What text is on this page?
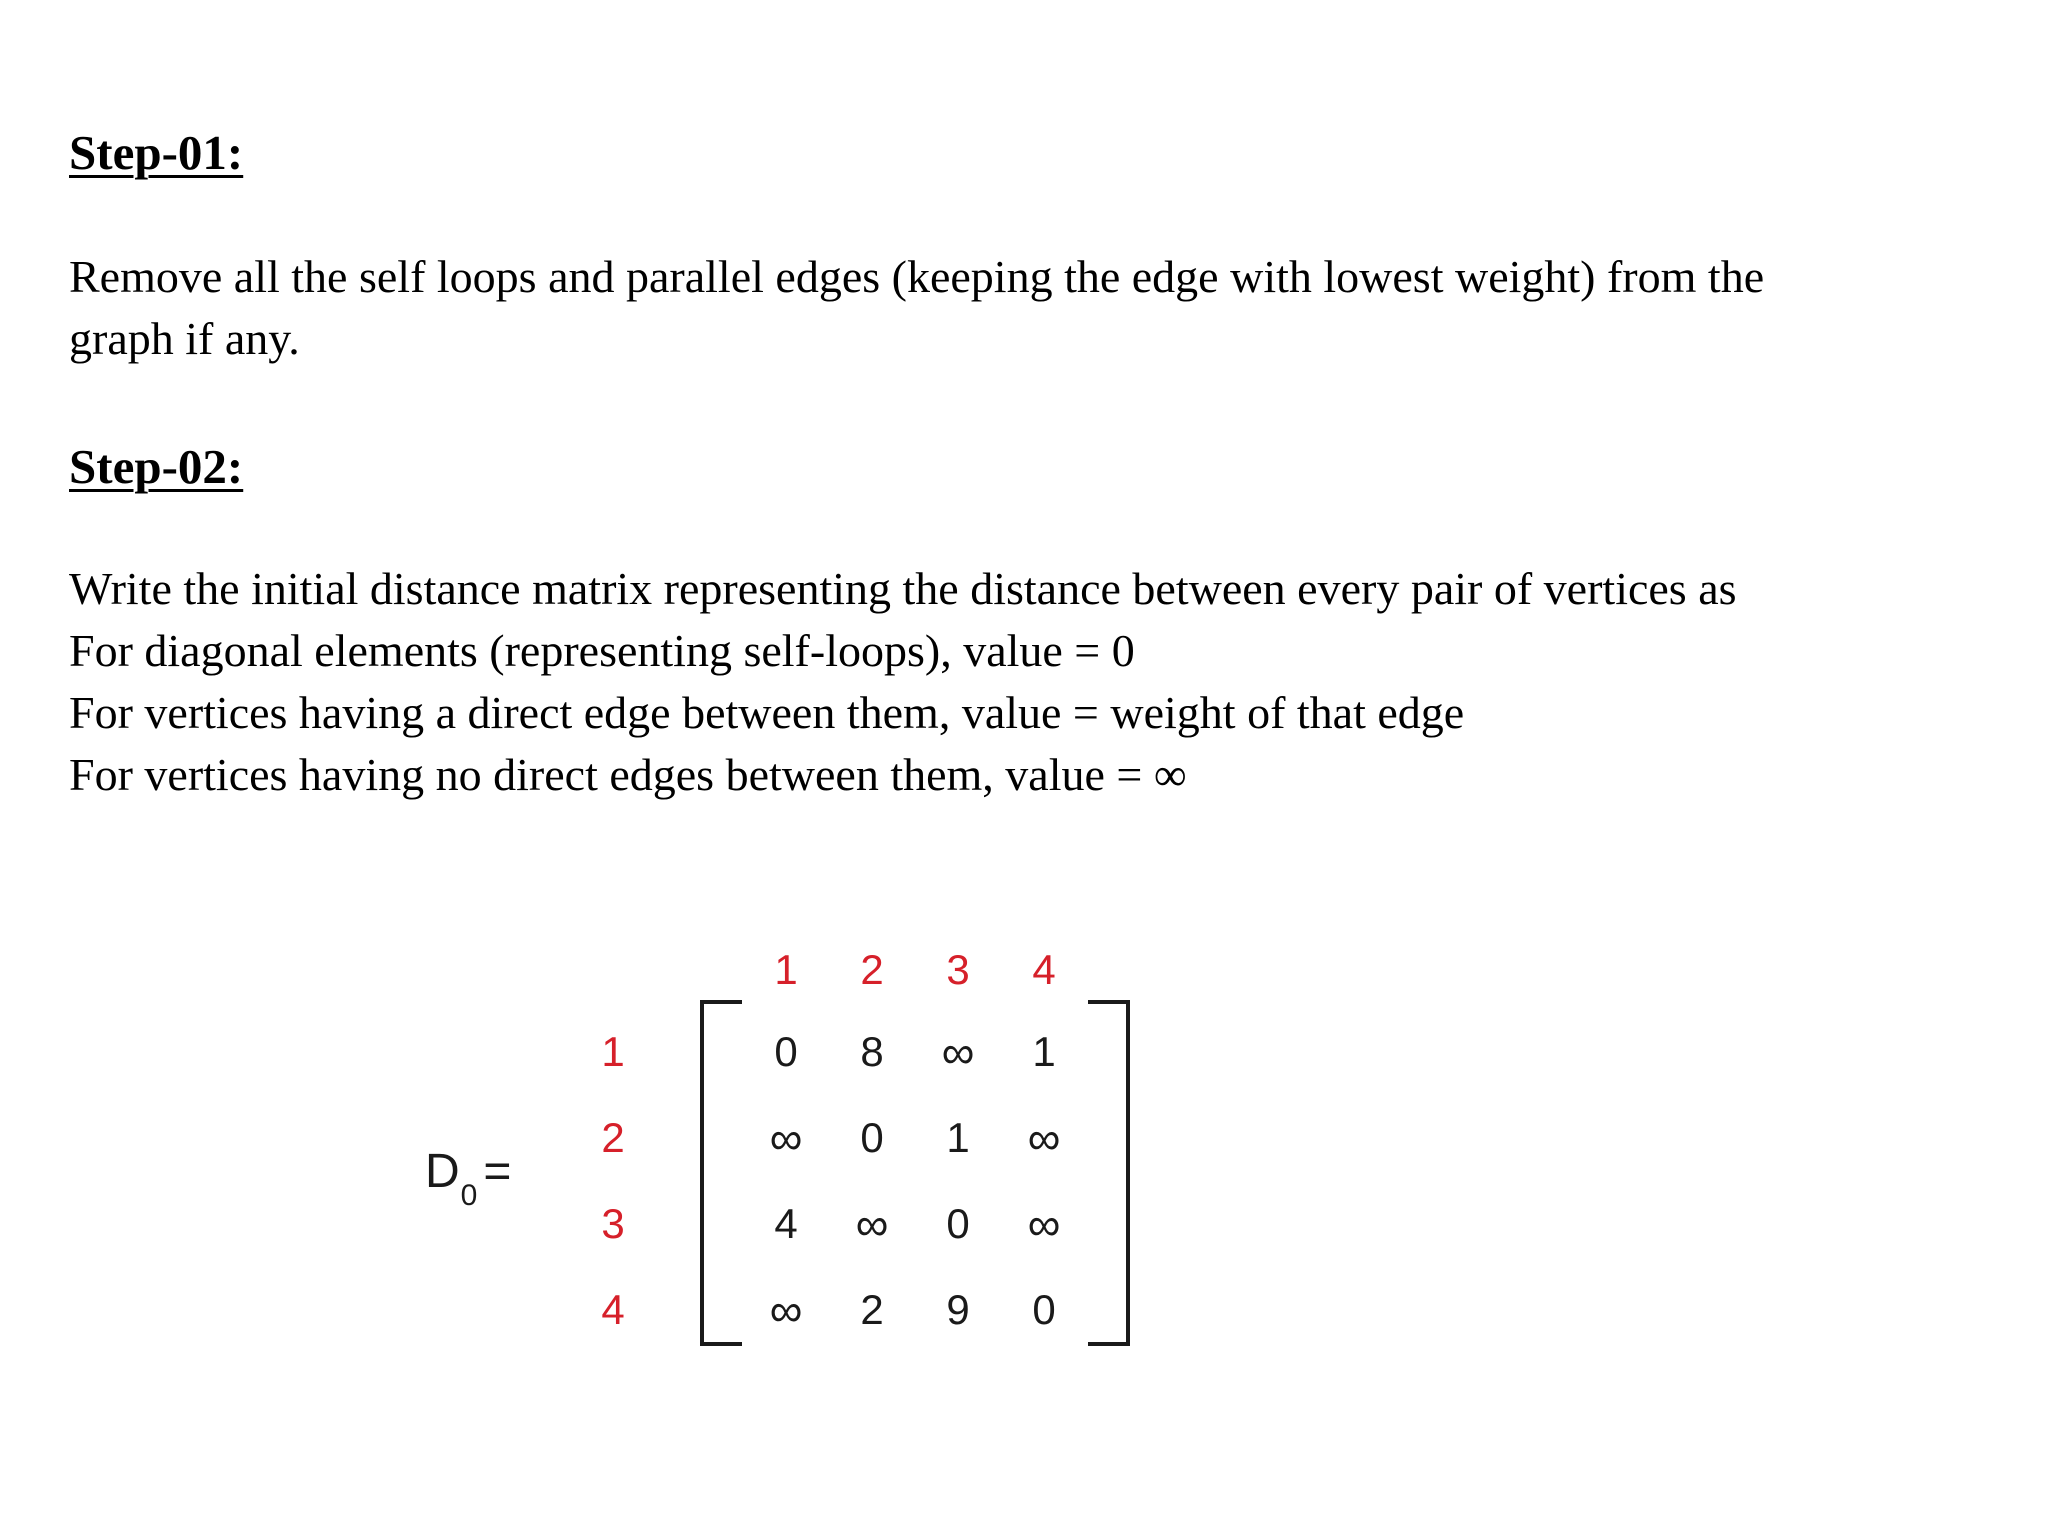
Step-01:

Remove all the self loops and parallel edges (keeping the edge with lowest weight) from the
graph if any.

Step-02:

Write the initial distance matrix representing the distance between every pair of vertices as
For diagonal elements (representing self-loops), value = 0
For vertices having a direct edge between them, value = weight of that edge
For vertices having no direct edges between them, value = ∞

$D_0$ =
1 2 3 4
1
2
3
4
0 8 ∞ 1
∞ 0 1 ∞
4 ∞ 0 ∞
∞ 2 9 0
